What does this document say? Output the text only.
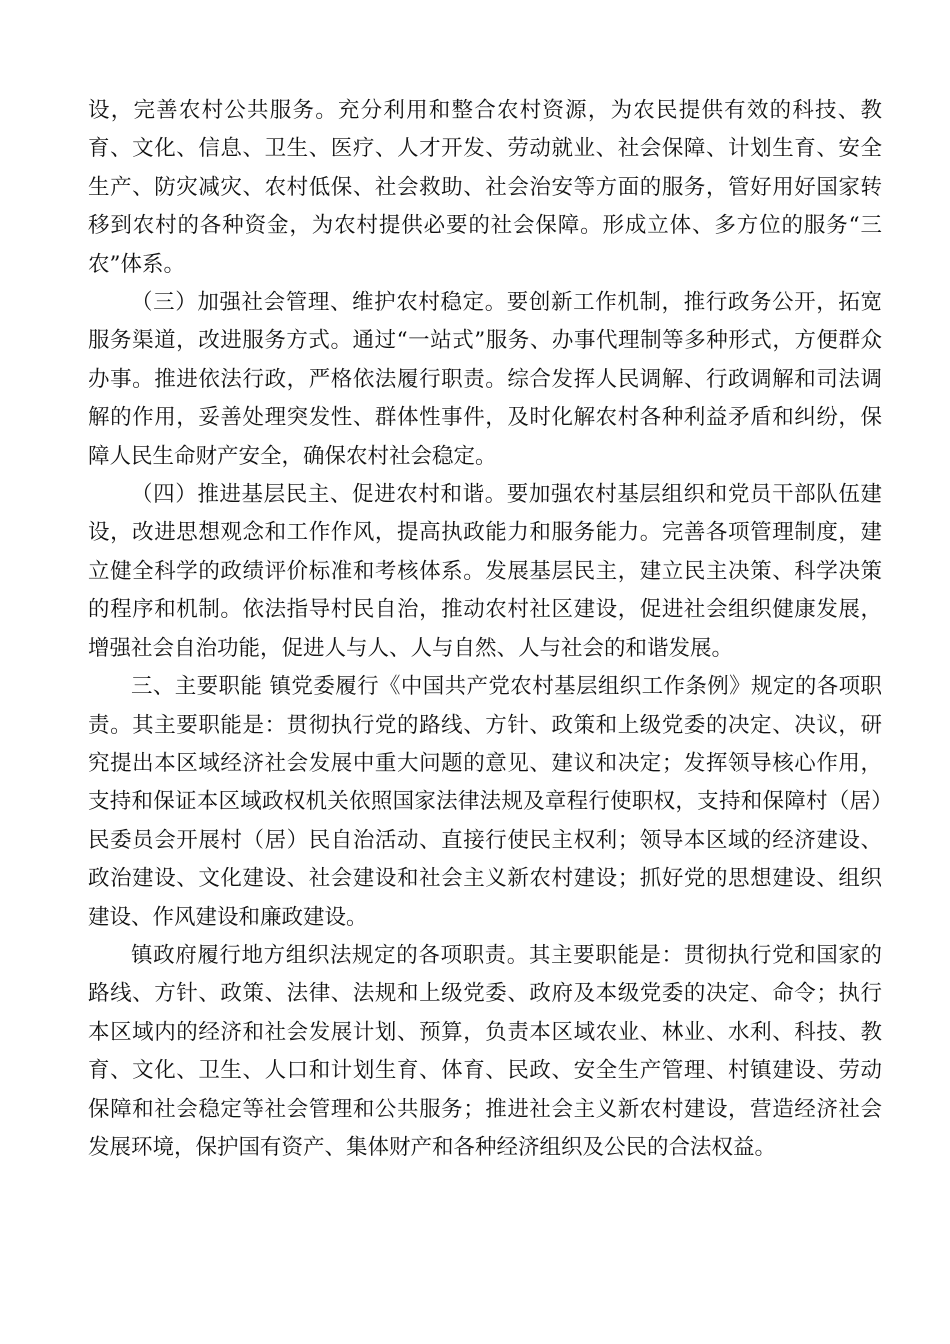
设，完善农村公共服务。充分利用和整合农村资源，为农民提供有效的科技、教育、文化、信息、卫生、医疗、人才开发、劳动就业、社会保障、计划生育、安全生产、防灾减灾、农村低保、社会救助、社会治安等方面的服务，管好用好国家转移到农村的各种资金，为农村提供必要的社会保障。形成立体、多方位的服务“三农”体系。

（三）加强社会管理、维护农村稳定。要创新工作机制，推行政务公开，拓宽服务渠道，改进服务方式。通过“一站式”服务、办事代理制等多种形式，方便群众办事。推进依法行政，严格依法履行职责。综合发挥人民调解、行政调解和司法调解的作用，妥善处理突发性、群体性事件，及时化解农村各种利益矛盾和纠纷，保障人民生命财产安全，确保农村社会稳定。

（四）推进基层民主、促进农村和谐。要加强农村基层组织和党员干部队伍建设，改进思想观念和工作作风，提高执政能力和服务能力。完善各项管理制度，建立健全科学的政绩评价标准和考核体系。发展基层民主，建立民主决策、科学决策的程序和机制。依法指导村民自治，推动农村社区建设，促进社会组织健康发展，增强社会自治功能，促进人与人、人与自然、人与社会的和谐发展。

三、主要职能 镇党委履行《中国共产党农村基层组织工作条例》规定的各项职责。其主要职能是：贯彻执行党的路线、方针、政策和上级党委的决定、决议，研究提出本区域经济社会发展中重大问题的意见、建议和决定；发挥领导核心作用，支持和保证本区域政权机关依照国家法律法规及章程行使职权，支持和保障村（居）民委员会开展村（居）民自治活动、直接行使民主权利；领导本区域的经济建设、政治建设、文化建设、社会建设和社会主义新农村建设；抓好党的思想建设、组织建设、作风建设和廉政建设。

镇政府履行地方组织法规定的各项职责。其主要职能是：贯彻执行党和国家的路线、方针、政策、法律、法规和上级党委、政府及本级党委的决定、命令；执行本区域内的经济和社会发展计划、预算，负责本区域农业、林业、水利、科技、教育、文化、卫生、人口和计划生育、体育、民政、安全生产管理、村镇建设、劳动保障和社会稳定等社会管理和公共服务；推进社会主义新农村建设，营造经济社会发展环境，保护国有资产、集体财产和各种经济组织及公民的合法权益。
